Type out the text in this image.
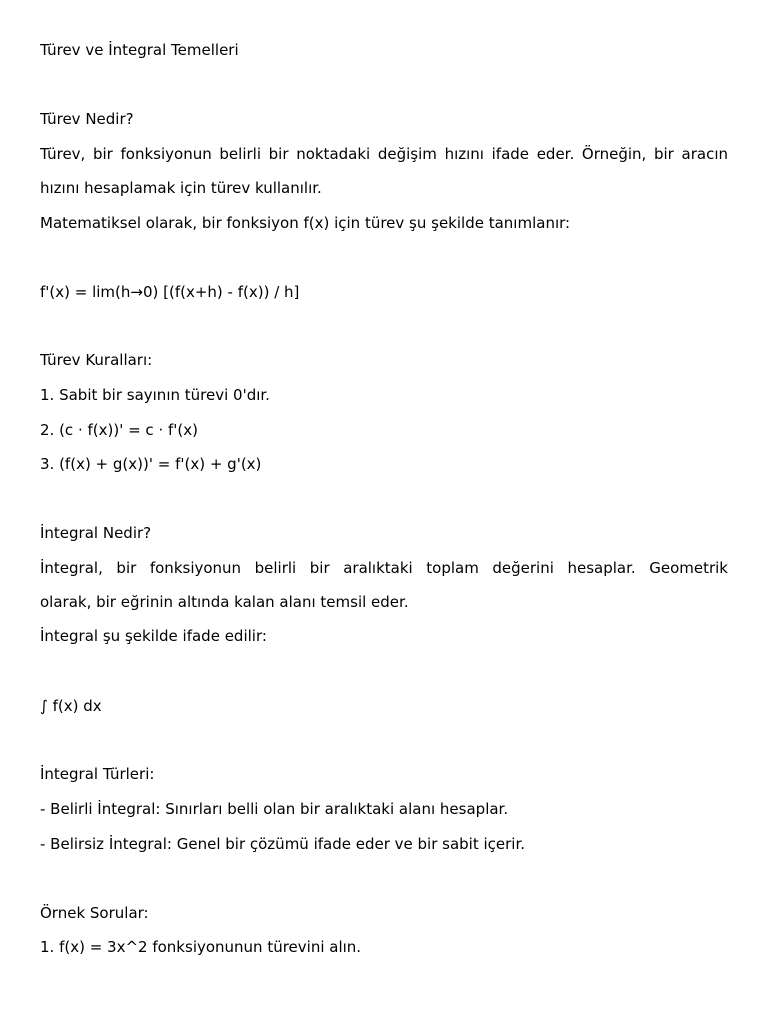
Türev ve İntegral Temelleri
Türev Nedir?
Türev, bir fonksiyonun belirli bir noktadaki değişim hızını ifade eder. Örneğin, bir aracın
hızını hesaplamak için türev kullanılır.
Matematiksel olarak, bir fonksiyon f(x) için türev şu şekilde tanımlanır:
f'(x) = lim(h→0) [(f(x+h) - f(x)) / h]
Türev Kuralları:
1. Sabit bir sayının türevi 0'dır.
2. (c · f(x))' = c · f'(x)
3. (f(x) + g(x))' = f'(x) + g'(x)
İntegral Nedir?
İntegral, bir fonksiyonun belirli bir aralıktaki toplam değerini hesaplar. Geometrik
olarak, bir eğrinin altında kalan alanı temsil eder.
İntegral şu şekilde ifade edilir:
∫ f(x) dx
İntegral Türleri:
- Belirli İntegral: Sınırları belli olan bir aralıktaki alanı hesaplar.
- Belirsiz İntegral: Genel bir çözümü ifade eder ve bir sabit içerir.
Örnek Sorular:
1. f(x) = 3x^2 fonksiyonunun türevini alın.
